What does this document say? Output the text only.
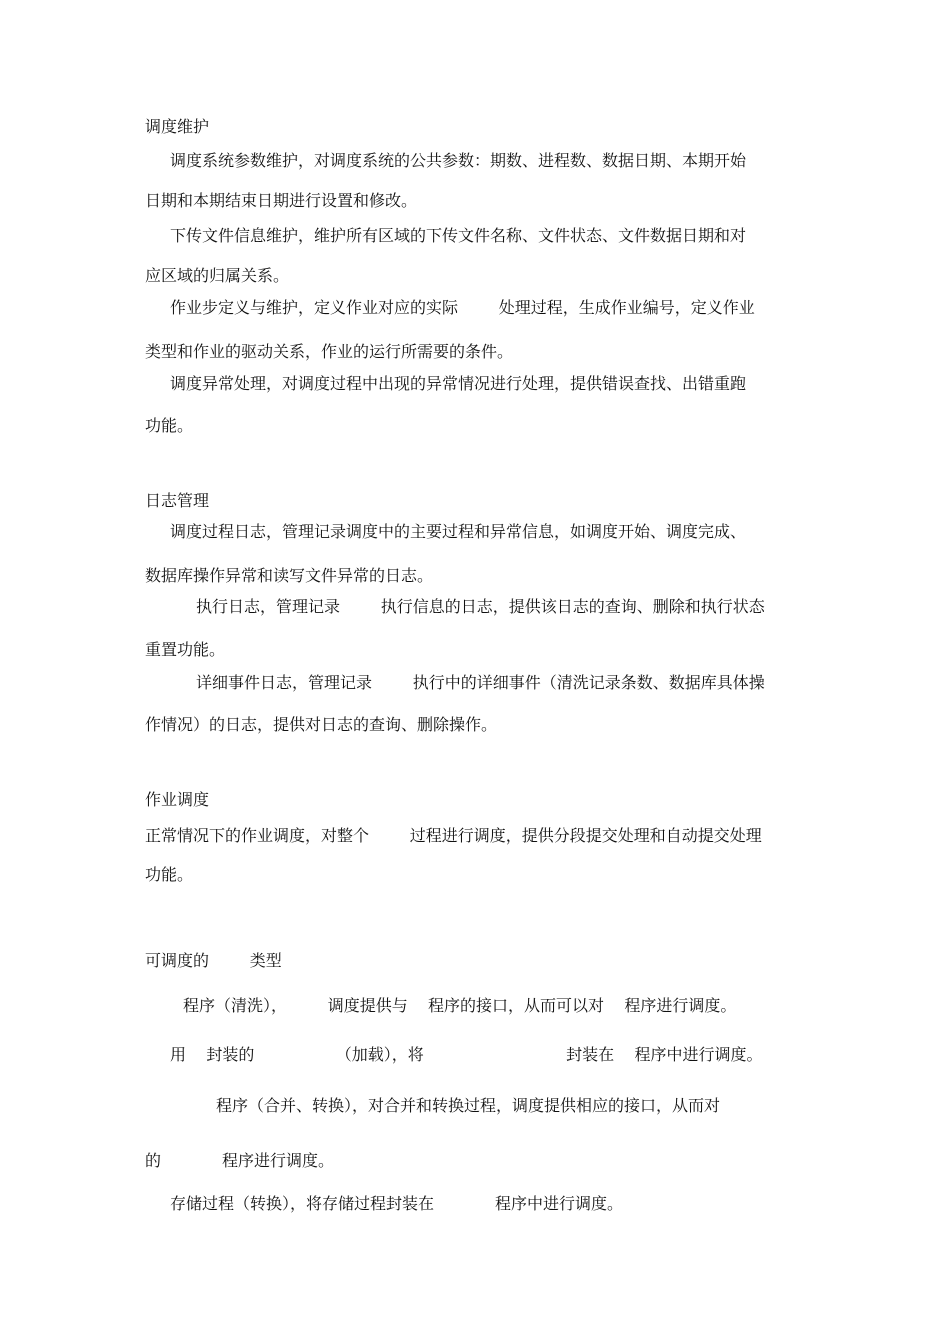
调度维护
调度系统参数维护，对调度系统的公共参数：期数、进程数、数据日期、本期开始
日期和本期结束日期进行设置和修改。
下传文件信息维护，维护所有区域的下传文件名称、文件状态、文件数据日期和对
应区域的归属关系。
作业步定义与维护，定义作业对应的实际        处理过程，生成作业编号，定义作业
类型和作业的驱动关系，作业的运行所需要的条件。
调度异常处理，对调度过程中出现的异常情况进行处理，提供错误查找、出错重跑
功能。
日志管理
调度过程日志，管理记录调度中的主要过程和异常信息，如调度开始、调度完成、
数据库操作异常和读写文件异常的日志。
执行日志，管理记录        执行信息的日志，提供该日志的查询、删除和执行状态
重置功能。
详细事件日志，管理记录        执行中的详细事件（清洗记录条数、数据库具体操
作情况）的日志，提供对日志的查询、删除操作。
作业调度
正常情况下的作业调度，对整个        过程进行调度，提供分段提交处理和自动提交处理
功能。
可调度的        类型
程序（清洗），        调度提供与    程序的接口，从而可以对    程序进行调度。
用    封装的                （加载），将                            封装在    程序中进行调度。
程序（合并、转换），对合并和转换过程，调度提供相应的接口，从而对
的            程序进行调度。
存储过程（转换），将存储过程封装在            程序中进行调度。
